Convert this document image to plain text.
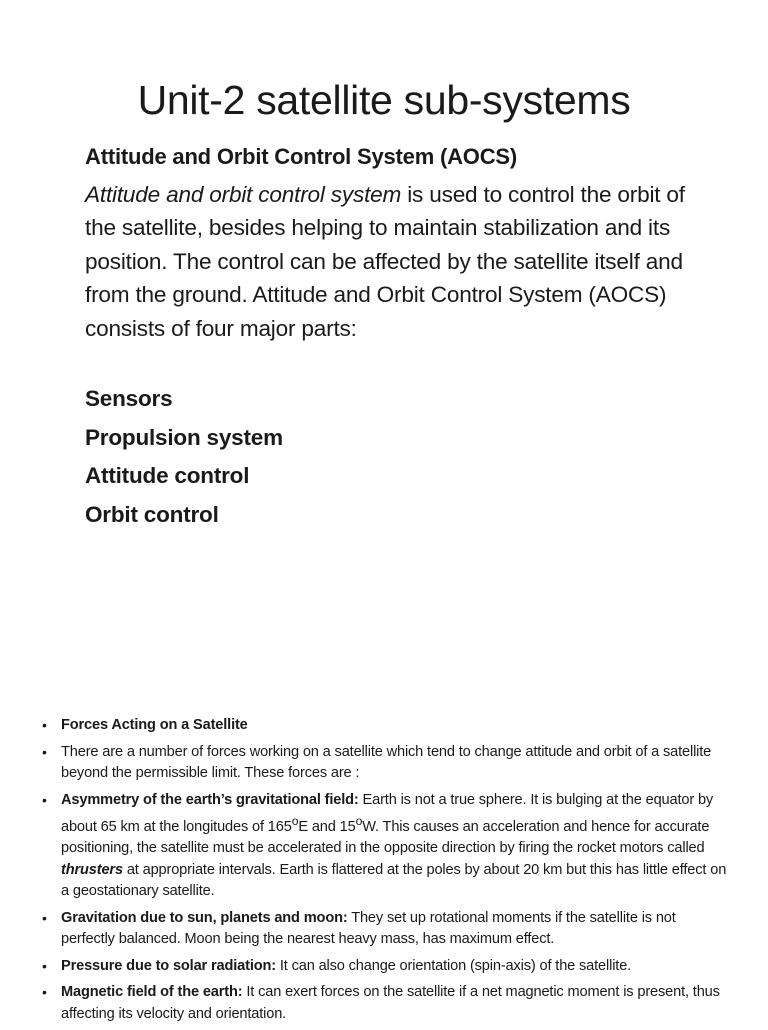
Unit-2 satellite sub-systems
Attitude and Orbit Control System (AOCS)

Attitude and orbit control system is used to control the orbit of the satellite, besides helping to maintain stabilization and its position. The control can be affected by the satellite itself and from the ground. Attitude and Orbit Control System (AOCS) consists of four major parts:

Sensors
Propulsion system
Attitude control
Orbit control
• Forces Acting on a Satellite
• There are a number of forces working on a satellite which tend to change attitude and orbit of a satellite beyond the permissible limit. These forces are :
• Asymmetry of the earth’s gravitational field: Earth is not a true sphere. It is bulging at the equator by about 65 km at the longitudes of 165$^o$E and 15$^o$W. This causes an acceleration and hence for accurate positioning, the satellite must be accelerated in the opposite direction by firing the rocket motors called thrusters at appropriate intervals. Earth is flattered at the poles by about 20 km but this has little effect on a geostationary satellite.
• Gravitation due to sun, planets and moon: They set up rotational moments if the satellite is not perfectly balanced. Moon being the nearest heavy mass, has maximum effect.
• Pressure due to solar radiation: It can also change orientation (spin-axis) of the satellite.
• Magnetic field of the earth: It can exert forces on the satellite if a net magnetic moment is present, thus affecting its velocity and orientation.
